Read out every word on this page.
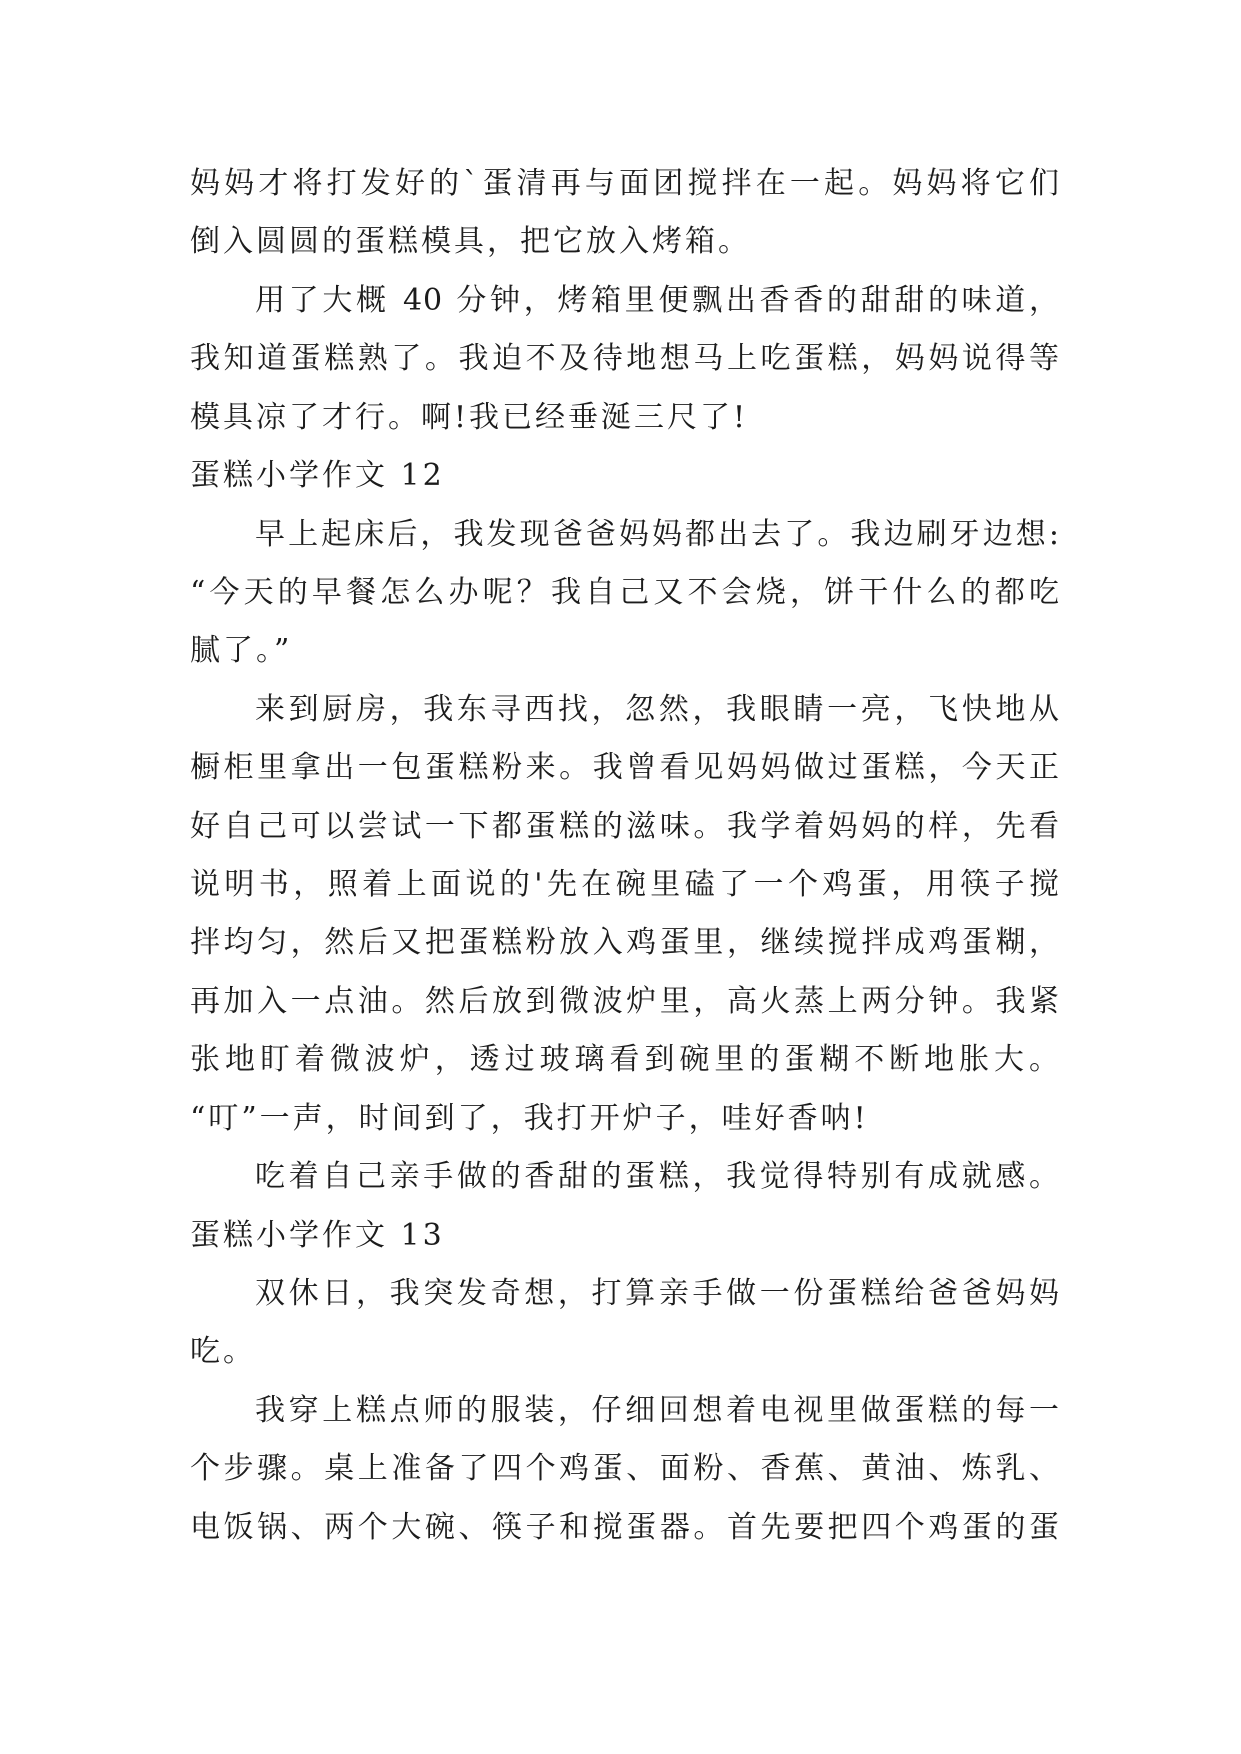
妈妈才将打发好的`蛋清再与面团搅拌在一起。妈妈将它们
倒入圆圆的蛋糕模具，把它放入烤箱。
用了大概 40 分钟，烤箱里便飘出香香的甜甜的味道，
我知道蛋糕熟了。我迫不及待地想马上吃蛋糕，妈妈说得等
模具凉了才行。啊!我已经垂涎三尺了!
蛋糕小学作文 12
早上起床后，我发现爸爸妈妈都出去了。我边刷牙边想:
“今天的早餐怎么办呢？我自己又不会烧，饼干什么的都吃
腻了。”
来到厨房，我东寻西找，忽然，我眼睛一亮，飞快地从
橱柜里拿出一包蛋糕粉来。我曾看见妈妈做过蛋糕，今天正
好自己可以尝试一下都蛋糕的滋味。我学着妈妈的样，先看
说明书，照着上面说的'先在碗里磕了一个鸡蛋，用筷子搅
拌均匀，然后又把蛋糕粉放入鸡蛋里，继续搅拌成鸡蛋糊，
再加入一点油。然后放到微波炉里，高火蒸上两分钟。我紧
张地盯着微波炉，透过玻璃看到碗里的蛋糊不断地胀大。
“叮”一声，时间到了，我打开炉子，哇好香呐!
吃着自己亲手做的香甜的蛋糕，我觉得特别有成就感。
蛋糕小学作文 13
双休日，我突发奇想，打算亲手做一份蛋糕给爸爸妈妈
吃。
我穿上糕点师的服装，仔细回想着电视里做蛋糕的每一
个步骤。桌上准备了四个鸡蛋、面粉、香蕉、黄油、炼乳、
电饭锅、两个大碗、筷子和搅蛋器。首先要把四个鸡蛋的蛋
